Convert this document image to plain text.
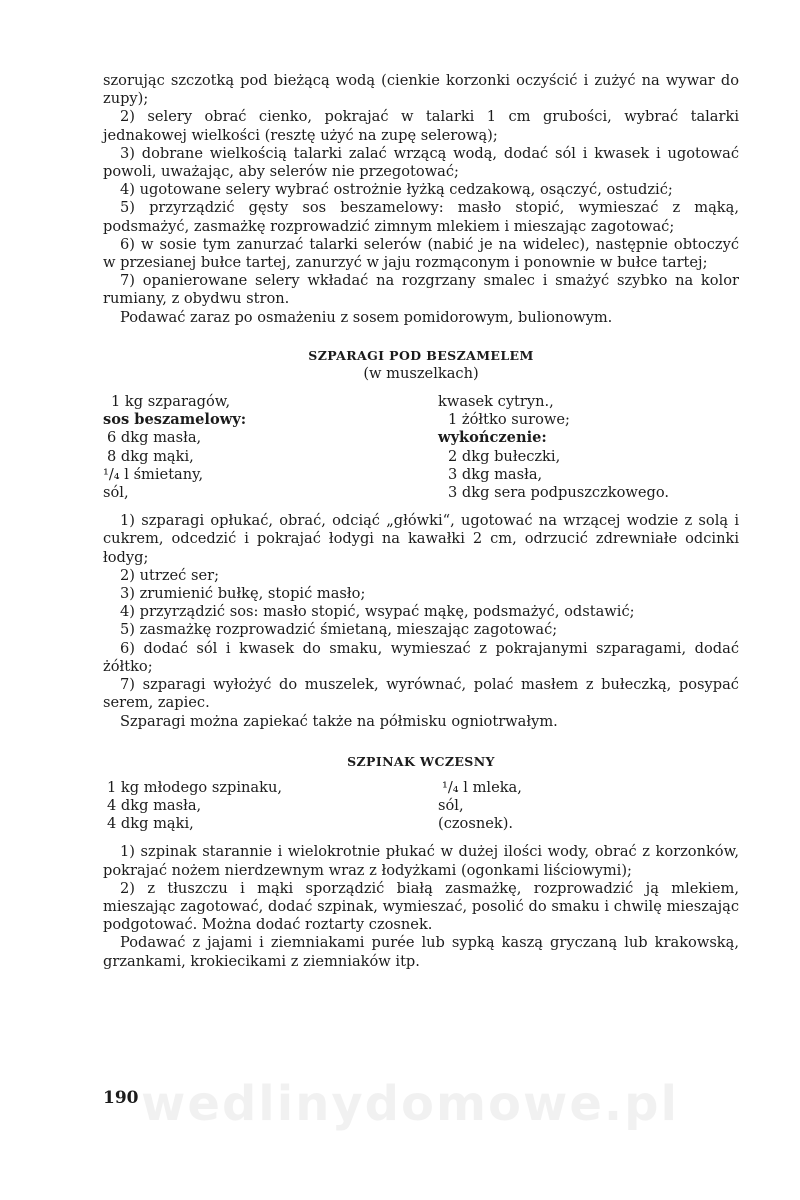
szorując szczotką pod bieżącą wodą (cienkie korzonki oczyścić i zużyć na wywar do zupy);

2) selery obrać cienko, pokrajać w talarki 1 cm grubości, wybrać talarki jednakowej wielkości (resztę użyć na zupę selerową);

3) dobrane wielkością talarki zalać wrzącą wodą, dodać sól i kwasek i ugotować powoli, uważając, aby selerów nie przegotować;

4) ugotowane selery wybrać ostrożnie łyżką cedzakową, osączyć, ostudzić;

5) przyrządzić gęsty sos beszamelowy: masło stopić, wymieszać z mąką, podsmażyć, zasmażkę rozprowadzić zimnym mlekiem i mieszając zagotować;

6) w sosie tym zanurzać talarki selerów (nabić je na widelec), następnie obtoczyć w przesianej bułce tartej, zanurzyć w jaju rozmąconym i ponownie w bułce tartej;

7) opanierowane selery wkładać na rozgrzany smalec i smażyć szybko na kolor rumiany, z obydwu stron.

Podawać zaraz po osmażeniu z sosem pomidorowym, bulionowym.

SZPARAGI POD BESZAMELEM
(w muszelkach)
1 kg szparagów,
sos beszamelowy:
6 dkg masła,
8 dkg mąki,
¹/₄ l śmietany,
sól,
kwasek cytryn.,
1 żółtko surowe;
wykończenie:
2 dkg bułeczki,
3 dkg masła,
3 dkg sera podpuszczkowego.

1) szparagi opłukać, obrać, odciąć „główki“, ugotować na wrzącej wodzie z solą i cukrem, odcedzić i pokrajać łodygi na kawałki 2 cm, odrzucić zdrewniałe odcinki łodyg;

2) utrzeć ser;

3) zrumienić bułkę, stopić masło;

4) przyrządzić sos: masło stopić, wsypać mąkę, podsmażyć, odstawić;

5) zasmażkę rozprowadzić śmietaną, mieszając zagotować;

6) dodać sól i kwasek do smaku, wymieszać z pokrajanymi szparagami, dodać żółtko;

7) szparagi wyłożyć do muszelek, wyrównać, polać masłem z bułeczką, posypać serem, zapiec.

Szparagi można zapiekać także na półmisku ogniotrwałym.

SZPINAK WCZESNY
1 kg młodego szpinaku,
4 dkg masła,
4 dkg mąki,
¹/₄ l mleka,
sól,
(czosnek).

1) szpinak starannie i wielokrotnie płukać w dużej ilości wody, obrać z korzonków, pokrajać nożem nierdzewnym wraz z łodyżkami (ogonkami liściowymi);

2) z tłuszczu i mąki sporządzić białą zasmażkę, rozprowadzić ją mlekiem, mieszając zagotować, dodać szpinak, wymieszać, posolić do smaku i chwilę mieszając podgotować. Można dodać roztarty czosnek.

Podawać z jajami i ziemniakami purée lub sypką kaszą gryczaną lub krakowską, grzankami, krokiecikami z ziemniaków itp.

wedlinydomowe.pl
190
